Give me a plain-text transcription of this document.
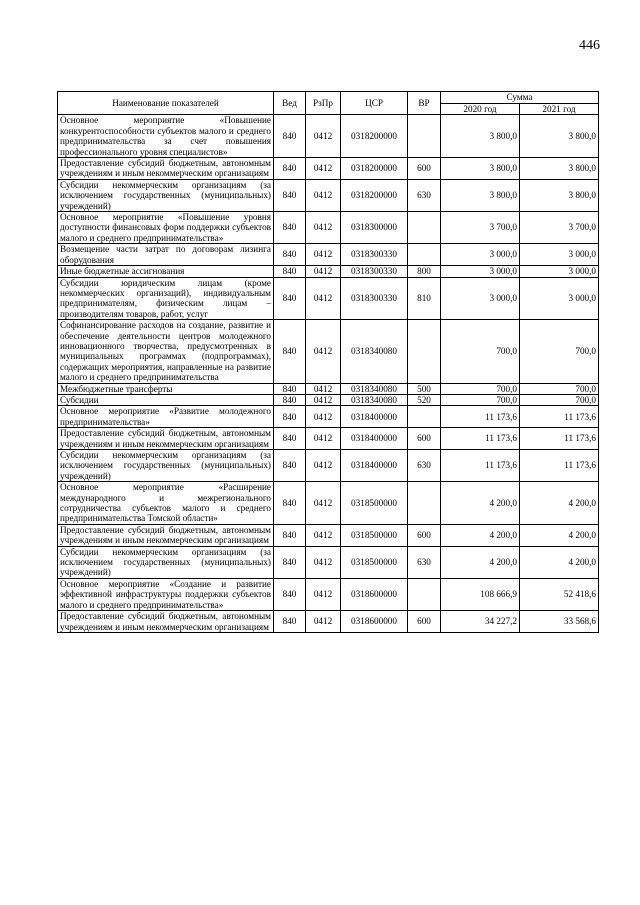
446
Наименование показателей	Вед	РзПр	ЦСР	ВР	Сумма	
					2020 год	2021 год
Основное мероприятие «Повышение конкурентоспособности субъектов малого и среднего предпринимательства за счет повышения профессионального уровня специалистов»	840	0412	0318200000		3 800,0	3 800,0
Предоставление субсидий бюджетным, автономным учреждениям и иным некоммерческим организациям	840	0412	0318200000	600	3 800,0	3 800,0
Субсидии некоммерческим организациям (за исключением государственных (муниципальных) учреждений)	840	0412	0318200000	630	3 800,0	3 800,0
Основное мероприятие «Повышение уровня доступности финансовых форм поддержки субъектов малого и среднего предпринимательства»	840	0412	0318300000		3 700,0	3 700,0
Возмещение части затрат по договорам лизинга оборудования	840	0412	0318300330		3 000,0	3 000,0
Иные бюджетные ассигнования	840	0412	0318300330	800	3 000,0	3 000,0
Субсидии юридическим лицам (кроме некоммерческих организаций), индивидуальным предпринимателям, физическим лицам – производителям товаров, работ, услуг	840	0412	0318300330	810	3 000,0	3 000,0
Софинансирование расходов на создание, развитие и обеспечение деятельности центров молодежного инновационного творчества, предусмотренных в муниципальных программах (подпрограммах), содержащих мероприятия, направленные на развитие малого и среднего предпринимательства	840	0412	0318340080		700,0	700,0
Межбюджетные трансферты	840	0412	0318340080	500	700,0	700,0
Субсидии	840	0412	0318340080	520	700,0	700,0
Основное мероприятие «Развитие молодежного предпринимательства»	840	0412	0318400000		11 173,6	11 173,6
Предоставление субсидий бюджетным, автономным учреждениям и иным некоммерческим организациям	840	0412	0318400000	600	11 173,6	11 173,6
Субсидии некоммерческим организациям (за исключением государственных (муниципальных) учреждений)	840	0412	0318400000	630	11 173,6	11 173,6
Основное мероприятие «Расширение международного и межрегионального сотрудничества субъектов малого и среднего предпринимательства Томской области»	840	0412	0318500000		4 200,0	4 200,0
Предоставление субсидий бюджетным, автономным учреждениям и иным некоммерческим организациям	840	0412	0318500000	600	4 200,0	4 200,0
Субсидии некоммерческим организациям (за исключением государственных (муниципальных) учреждений)	840	0412	0318500000	630	4 200,0	4 200,0
Основное мероприятие «Создание и развитие эффективной инфраструктуры поддержки субъектов малого и среднего предпринимательства»	840	0412	0318600000		108 666,9	52 418,6
Предоставление субсидий бюджетным, автономным учреждениям и иным некоммерческим организациям	840	0412	0318600000	600	34 227,2	33 568,6
